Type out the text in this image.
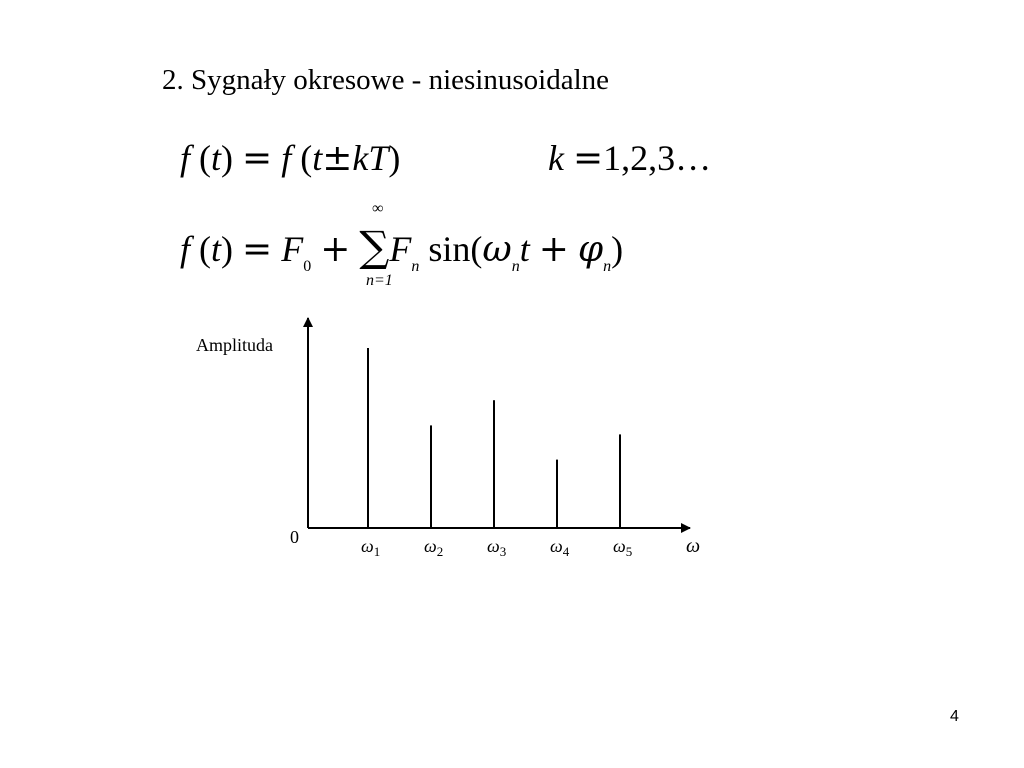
2. Sygnały okresowe - niesinusoidalne
f (t) = f (t±kT)	k =1,2,3…
f $(t) = F_0 + \sum F_n$ $\sin(\omega_nt + \varphi_n)$
∞
n=1
Amplituda
0	ω
$\omega_1$ $\omega_2$ $\omega_3$ $\omega_4$ $\omega_5$
4
